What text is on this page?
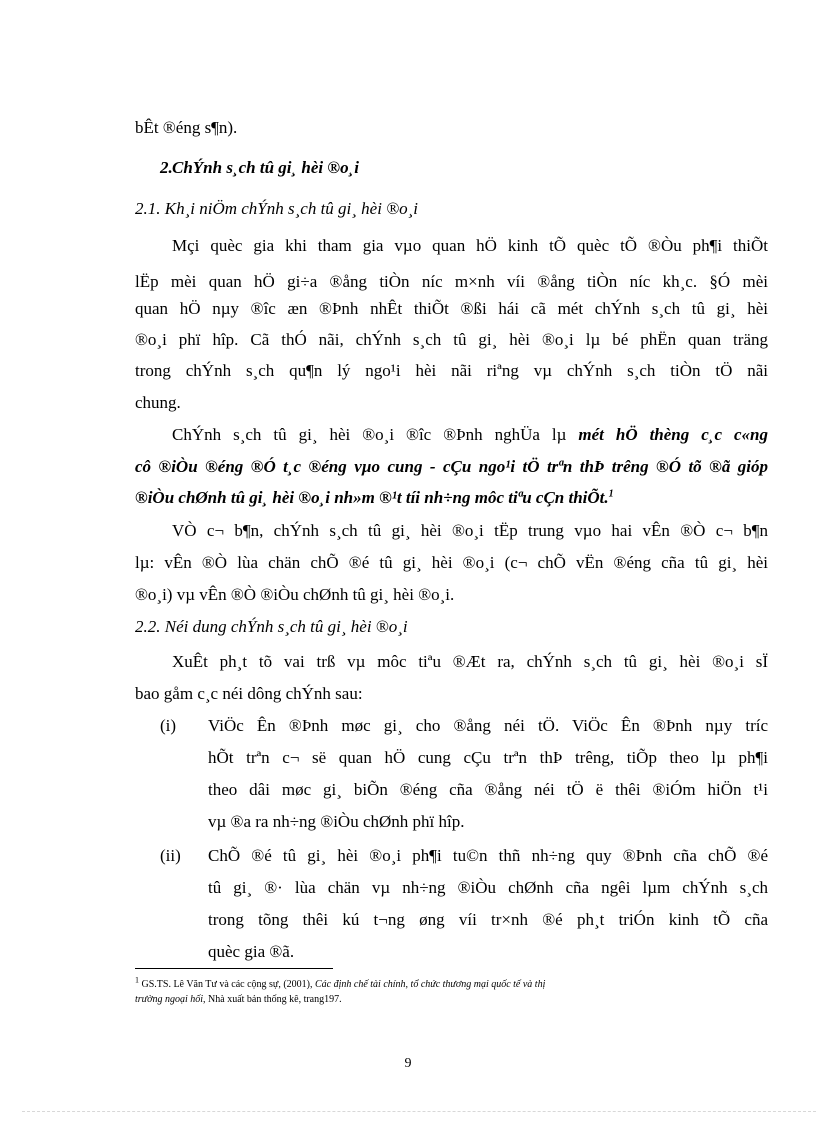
bÊt ®éng s¶n).
2. ChÝnh s¸ch tû gi¸ hèi ®o¸i
2.1. Kh¸i niÖm chÝnh s¸ch tû gi¸ hèi ®o¸i
Mçi quèc gia khi tham gia vµo quan hÖ kinh tÕ quèc tÕ ®Òu ph¶i thiÕt
lËp mèi quan hÖ gi÷a ®ång tiÒn níc m×nh víi ®ång tiÒn níc kh¸c. §Ó mèi
quan hÖ nµy ®îc æn ®Þnh nhÊt thiÕt ®ßi hái cã mét chÝnh s¸ch tû gi¸ hèi
®o¸i phï hîp. Cã thÓ nãi, chÝnh s¸ch tû gi¸ hèi ®o¸i lµ bé phËn quan träng
trong chÝnh s¸ch qu¶n lý ngo¹i hèi nãi riªng vµ chÝnh s¸ch tiÒn tÖ nãi
chung.
ChÝnh s¸ch tû gi¸ hèi ®o¸i ®îc ®Þnh nghÜa lµ mét hÖ thèng c¸c c«ng
cô ®iÒu ®éng ®Ó t¸c ®éng vµo cung - cÇu ngo¹i tÖ trªn thÞ trêng ®Ó tõ ®ã gióp
®iÒu chØnh tû gi¸ hèi ®o¸i nh»m ®¹t tíi nh÷ng môc tiªu cÇn thiÕt.$^1$
VÒ c¬ b¶n, chÝnh s¸ch tû gi¸ hèi ®o¸i tËp trung vµo hai vÊn ®Ò c¬ b¶n
lµ: vÊn ®Ò lùa chän chÕ ®é tû gi¸ hèi ®o¸i (c¬ chÕ vËn ®éng cña tû gi¸ hèi
®o¸i) vµ vÊn ®Ò ®iÒu chØnh tû gi¸ hèi ®o¸i.
2.2. Néi dung chÝnh s¸ch tû gi¸ hèi ®o¸i
XuÊt ph¸t tõ vai trß vµ môc tiªu ®Æt ra, chÝnh s¸ch tû gi¸ hèi ®o¸i sÏ
bao gåm c¸c néi dông chÝnh sau:
(i) ViÖc Ên ®Þnh møc gi¸ cho ®ång néi tÖ. ViÖc Ên ®Þnh nµy tríc
hÕt trªn c¬ së quan hÖ cung cÇu trªn thÞ trêng, tiÕp theo lµ ph¶i
theo dâi møc gi¸ biÕn ®éng cña ®ång néi tÖ ë thêi ®iÓm hiÖn t¹i
vµ ®a ra nh÷ng ®iÒu chØnh phï hîp.
(ii) ChÕ ®é tû gi¸ hèi ®o¸i ph¶i tu©n thñ nh÷ng quy ®Þnh cña chÕ ®é
tû gi¸ ®· lùa chän vµ nh÷ng ®iÒu chØnh cña ngêi lµm chÝnh s¸ch
trong tõng thêi kú t¬ng øng víi tr×nh ®é ph¸t triÓn kinh tÕ cña
quèc gia ®ã.
$^1$ GS.TS. Lê Văn Tư và các cộng sự, (2001), Các định chế tài chính, tổ chức thương mại quốc tế và thị
trường ngoại hối, Nhà xuất bản thống kê, trang197.
9
